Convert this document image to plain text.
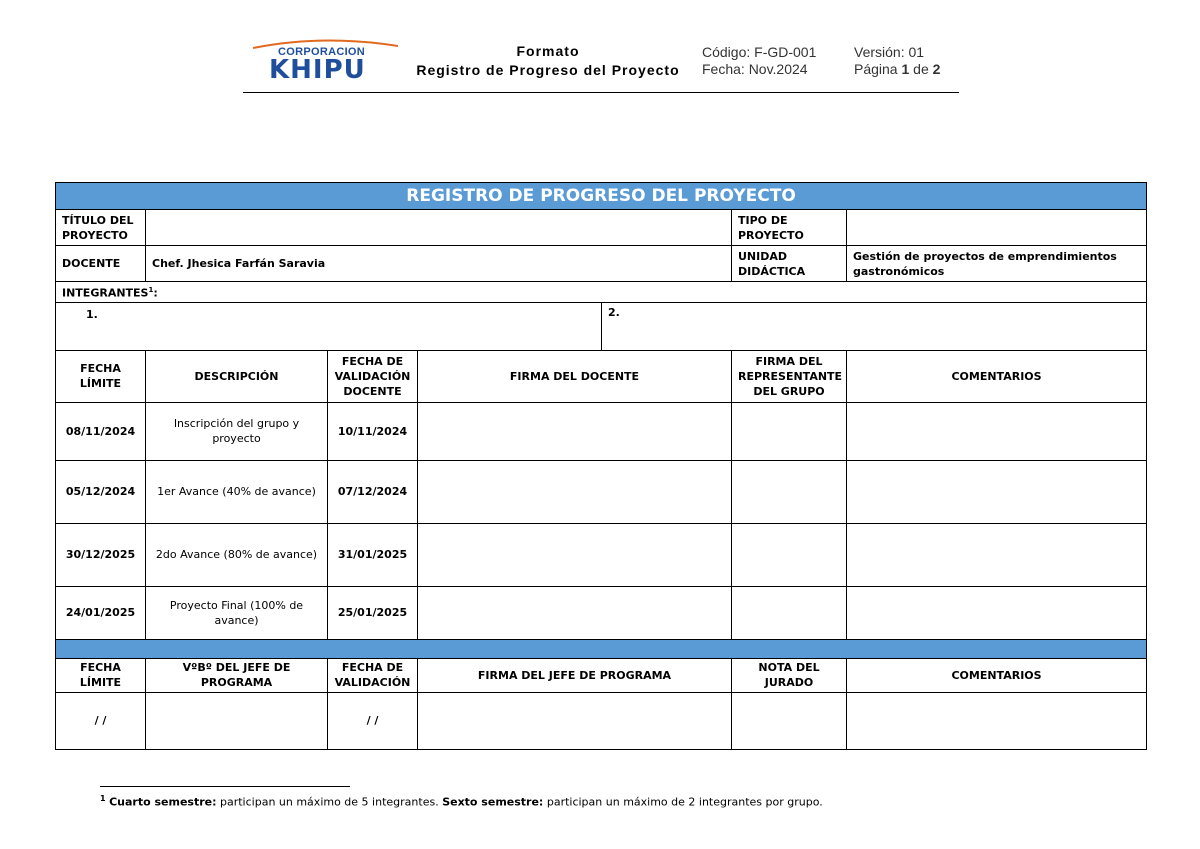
CORPORACION
KHIPU
Formato
Registro de Progreso del Proyecto
Código: F-GD-001
Fecha: Nov.2024
Versión: 01
Página 1 de 2
REGISTRO DE PROGRESO DEL PROYECTO						
TÍTULO DEL PROYECTO					TIPO DE PROYECTO	
DOCENTE	Chef. Jhesica Farfán Saravia				UNIDAD DIDÁCTICA	Gestión de proyectos de emprendimientos gastronómicos
INTEGRANTES$^1$:						
1.				2.		
FECHA LÍMITE	DESCRIPCIÓN	FECHA DE VALIDACIÓN DOCENTE	FIRMA DEL DOCENTE		FIRMA DEL REPRESENTANTE DEL GRUPO	COMENTARIOS
08/11/2024	Inscripción del grupo y proyecto	10/11/2024				
05/12/2024	1er Avance (40% de avance)	07/12/2024				
30/12/2025	2do Avance (80% de avance)	31/01/2025				
24/01/2025	Proyecto Final (100% de avance)	25/01/2025				

FECHA LÍMITE	VºBº DEL JEFE DE PROGRAMA	FECHA DE VALIDACIÓN	FIRMA DEL JEFE DE PROGRAMA		NOTA DEL JURADO	COMENTARIOS
/ /		/ /				
$^1$ Cuarto semestre: participan un máximo de 5 integrantes. Sexto semestre: participan un máximo de 2 integrantes por grupo.
